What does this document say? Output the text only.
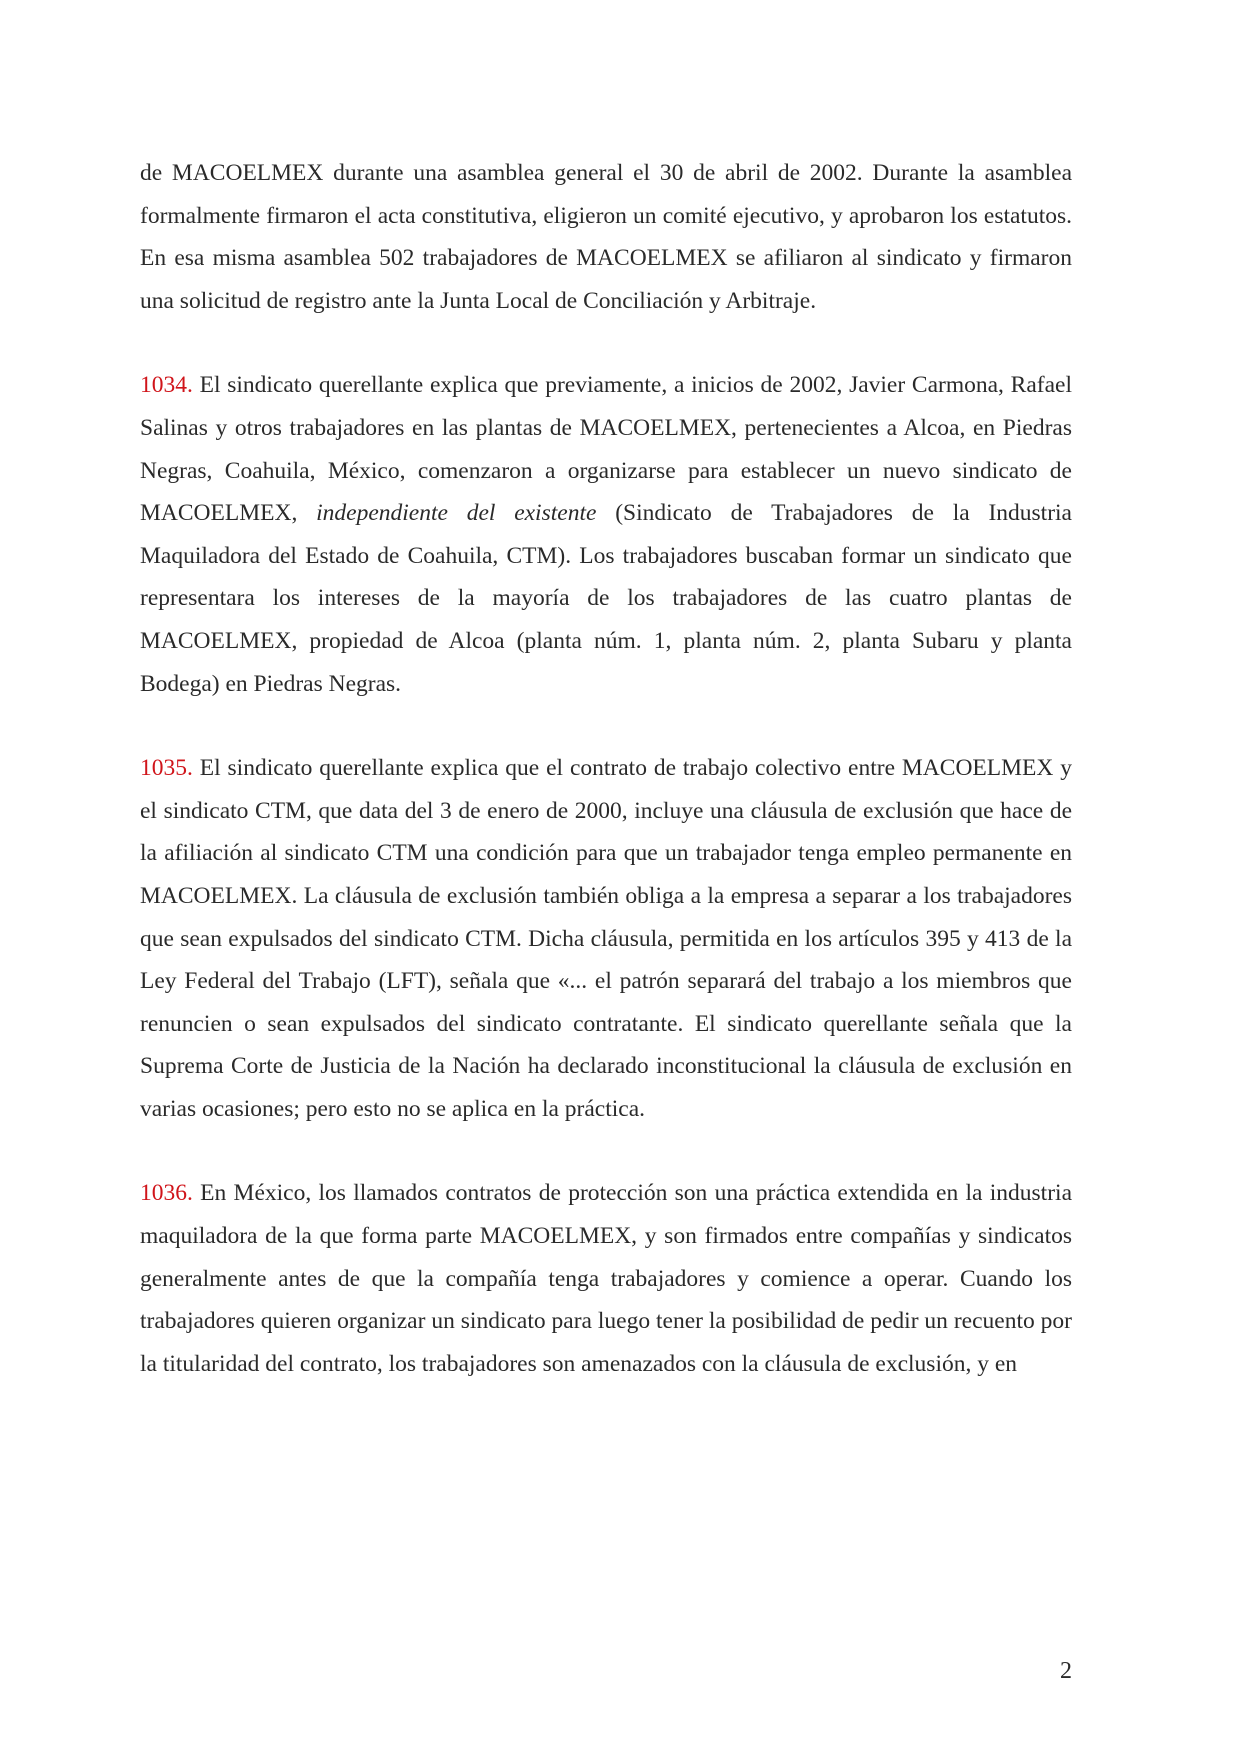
de MACOELMEX durante una asamblea general el 30 de abril de 2002. Durante la asamblea formalmente firmaron el acta constitutiva, eligieron un comité ejecutivo, y aprobaron los estatutos. En esa misma asamblea 502 trabajadores de MACOELMEX se afiliaron al sindicato y firmaron una solicitud de registro ante la Junta Local de Conciliación y Arbitraje.

1034. El sindicato querellante explica que previamente, a inicios de 2002, Javier Carmona, Rafael Salinas y otros trabajadores en las plantas de MACOELMEX, pertenecientes a Alcoa, en Piedras Negras, Coahuila, México, comenzaron a organizarse para establecer un nuevo sindicato de MACOELMEX, independiente del existente (Sindicato de Trabajadores de la Industria Maquiladora del Estado de Coahuila, CTM). Los trabajadores buscaban formar un sindicato que representara los intereses de la mayoría de los trabajadores de las cuatro plantas de MACOELMEX, propiedad de Alcoa (planta núm. 1, planta núm. 2, planta Subaru y planta Bodega) en Piedras Negras.

1035. El sindicato querellante explica que el contrato de trabajo colectivo entre MACOELMEX y el sindicato CTM, que data del 3 de enero de 2000, incluye una cláusula de exclusión que hace de la afiliación al sindicato CTM una condición para que un trabajador tenga empleo permanente en MACOELMEX. La cláusula de exclusión también obliga a la empresa a separar a los trabajadores que sean expulsados del sindicato CTM. Dicha cláusula, permitida en los artículos 395 y 413 de la Ley Federal del Trabajo (LFT), señala que «... el patrón separará del trabajo a los miembros que renuncien o sean expulsados del sindicato contratante. El sindicato querellante señala que la Suprema Corte de Justicia de la Nación ha declarado inconstitucional la cláusula de exclusión en varias ocasiones; pero esto no se aplica en la práctica.

1036. En México, los llamados contratos de protección son una práctica extendida en la industria maquiladora de la que forma parte MACOELMEX, y son firmados entre compañías y sindicatos generalmente antes de que la compañía tenga trabajadores y comience a operar. Cuando los trabajadores quieren organizar un sindicato para luego tener la posibilidad de pedir un recuento por la titularidad del contrato, los trabajadores son amenazados con la cláusula de exclusión, y en

2
